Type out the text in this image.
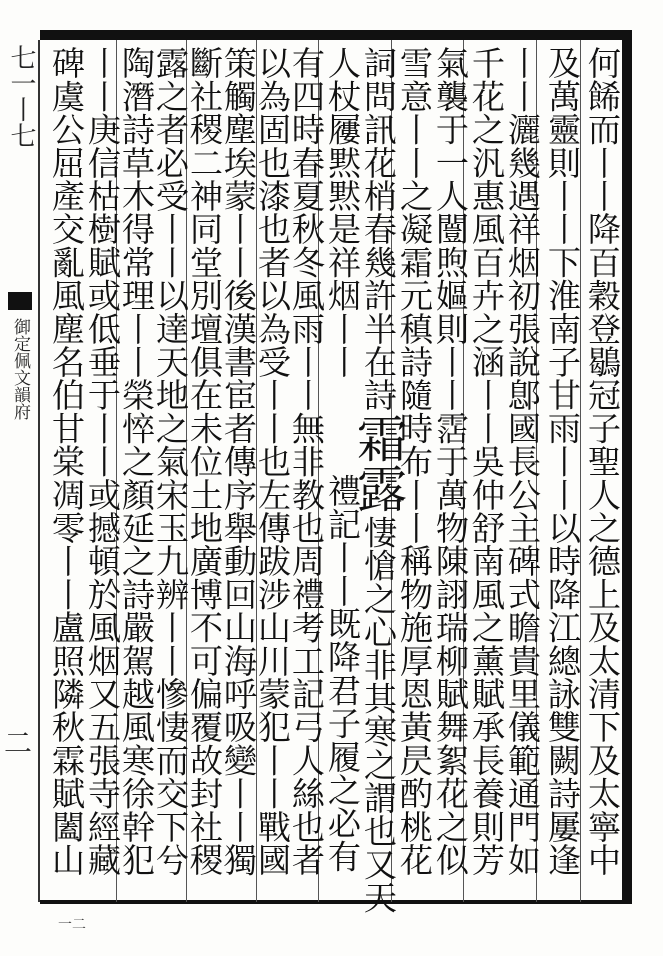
七一丨七
御定佩文韻府
二
一二
何餙而丨丨降百穀登鶡冠子聖人之德上及太清下及太寧中
及萬靈則丨丨下淮南子甘雨丨丨以時降江總詠雙闕詩屢逢
丨丨灑幾遇祥烟初張說鄎國長公主碑式瞻貴里儀範通門如
千花之汎惠風百卉之涵丨丨吳仲舒南風之薰賦承長養則芳
氣襲于一人闓煦嫗則丨丨霑于萬物陳詡瑞柳賦舞絮花之似
雪意丨丨之凝霜元稹詩隨時布丨丨稱物施厚恩黃昃酌桃花
詞問訊花梢春幾許半在詩霜露悽愴之心非其寒之謂也又天
人杖屨黙黙是祥烟丨丨禮記丨丨既降君子履之必有
有四時春夏秋冬風雨丨丨無非教也周禮考工記弓人絲也者
以為固也漆也者以為受丨丨也左傳跋涉山川蒙犯丨丨戰國
策觸塵埃蒙丨丨後漢書宦者傳序舉動回山海呼吸變丨丨獨
斷社稷二神同堂別壇俱在未位土地廣博不可偏覆故封社稷
露之者必受丨丨以達天地之氣宋玉九辨丨丨慘悽而交下兮
陶潛詩草木得常理丨丨榮悴之顏延之詩嚴駕越風寒徐幹犯
丨丨庚信枯樹賦或低垂于丨丨或撼頓於風烟又五張寺經藏
碑虞公屈產交亂風塵名伯甘棠凋零丨丨盧照隣秋霖賦闔山
